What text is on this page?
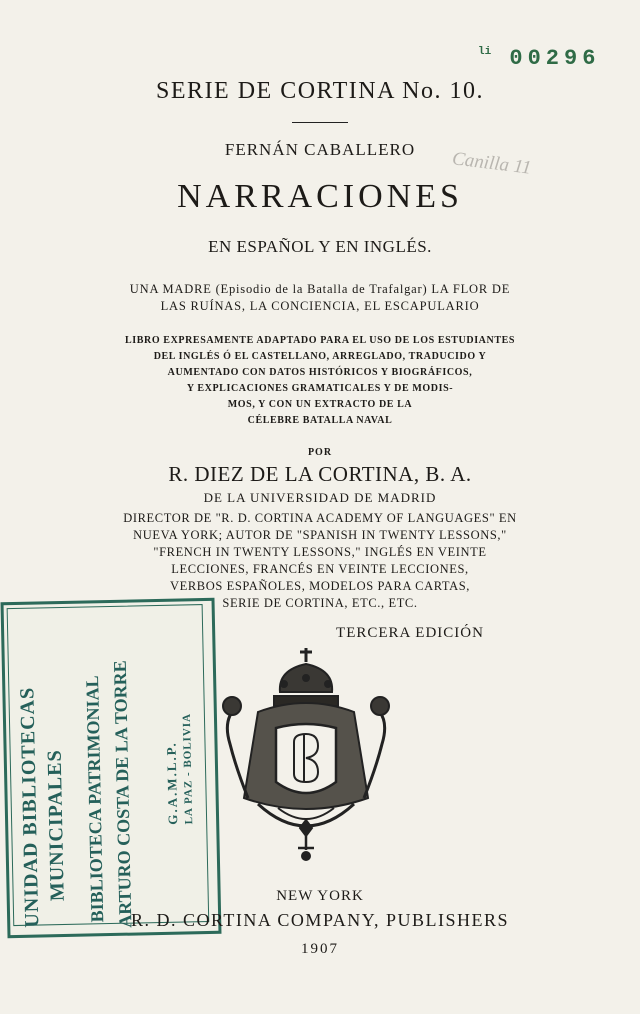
$^{li}$ 00296
Canilla 11
SERIE DE CORTINA No. 10.
FERNÁN CABALLERO
NARRACIONES
EN ESPAÑOL Y EN INGLÉS.
UNA MADRE (Episodio de la Batalla de Trafalgar) LA FLOR DE
LAS RUÍNAS, LA CONCIENCIA, EL ESCAPULARIO
LIBRO EXPRESAMENTE ADAPTADO PARA EL USO DE LOS ESTUDIANTES
DEL INGLÉS Ó EL CASTELLANO, ARREGLADO, TRADUCIDO Y
AUMENTADO CON DATOS HISTÓRICOS Y BIOGRÁFICOS,
Y EXPLICACIONES GRAMATICALES Y DE MODIS-
MOS, Y CON UN EXTRACTO DE LA
CÉLEBRE BATALLA NAVAL
POR
R. DIEZ DE LA CORTINA, B. A.
DE LA UNIVERSIDAD DE MADRID
DIRECTOR DE "R. D. CORTINA ACADEMY OF LANGUAGES" EN
NUEVA YORK; AUTOR DE "SPANISH IN TWENTY LESSONS,"
"FRENCH IN TWENTY LESSONS," INGLÉS EN VEINTE
LECCIONES, FRANCÉS EN VEINTE LECCIONES,
VERBOS ESPAÑOLES, MODELOS PARA CARTAS,
SERIE DE CORTINA, ETC., ETC.
TERCERA EDICIÓN
UNIDAD BIBLIOTECAS MUNICIPALES BIBLIOTECA PATRIMONIAL ARTURO COSTA DE LA TORRE G.A.M.L.P. LA PAZ - BOLIVIA
NEW YORK
R. D. CORTINA COMPANY, PUBLISHERS
1907
